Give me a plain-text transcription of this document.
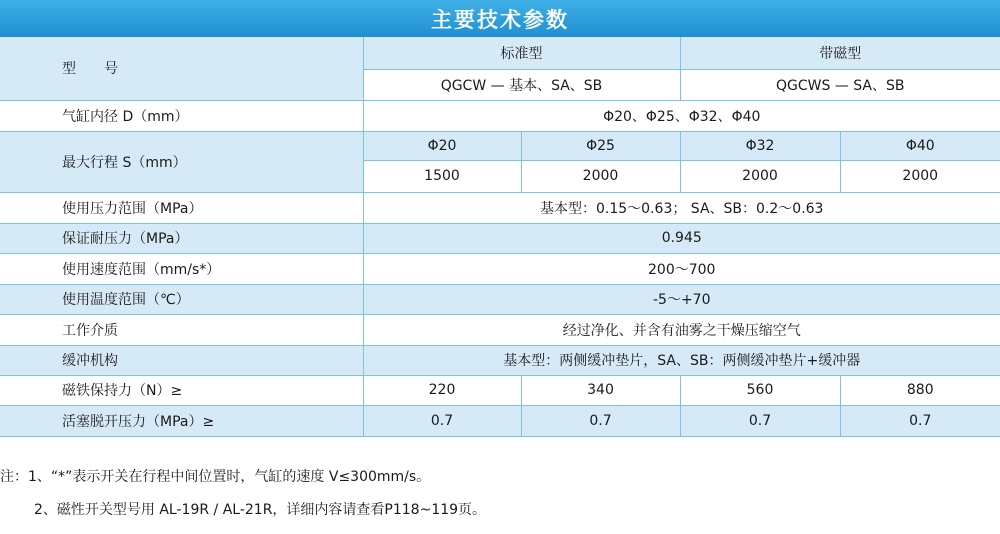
主要技术参数
型　　号	标准型		带磁型	
	QGCW — 基本、SA、SB		QGCWS — SA、SB	
气缸内径 D（mm）	Φ20、Φ25、Φ32、Φ40			
最大行程 S（mm）	Φ20	Φ25	Φ32	Φ40
	1500	2000	2000	2000
使用压力范围（MPa）	基本型：0.15～0.63； SA、SB：0.2～0.63			
保证耐压力（MPa）	0.945			
使用速度范围（mm/s*）	200～700			
使用温度范围（℃）	-5～+70			
工作介质	经过净化、并含有油雾之干燥压缩空气			
缓冲机构	基本型：两侧缓冲垫片，SA、SB：两侧缓冲垫片+缓冲器			
磁铁保持力（N）≥	220	340	560	880
活塞脱开压力（MPa）≥	0.7	0.7	0.7	0.7
注：1、“*”表示开关在行程中间位置时，气缸的速度 V≤300mm/s。
2、磁性开关型号用 AL-19R / AL-21R，详细内容请查看P118~119页。
